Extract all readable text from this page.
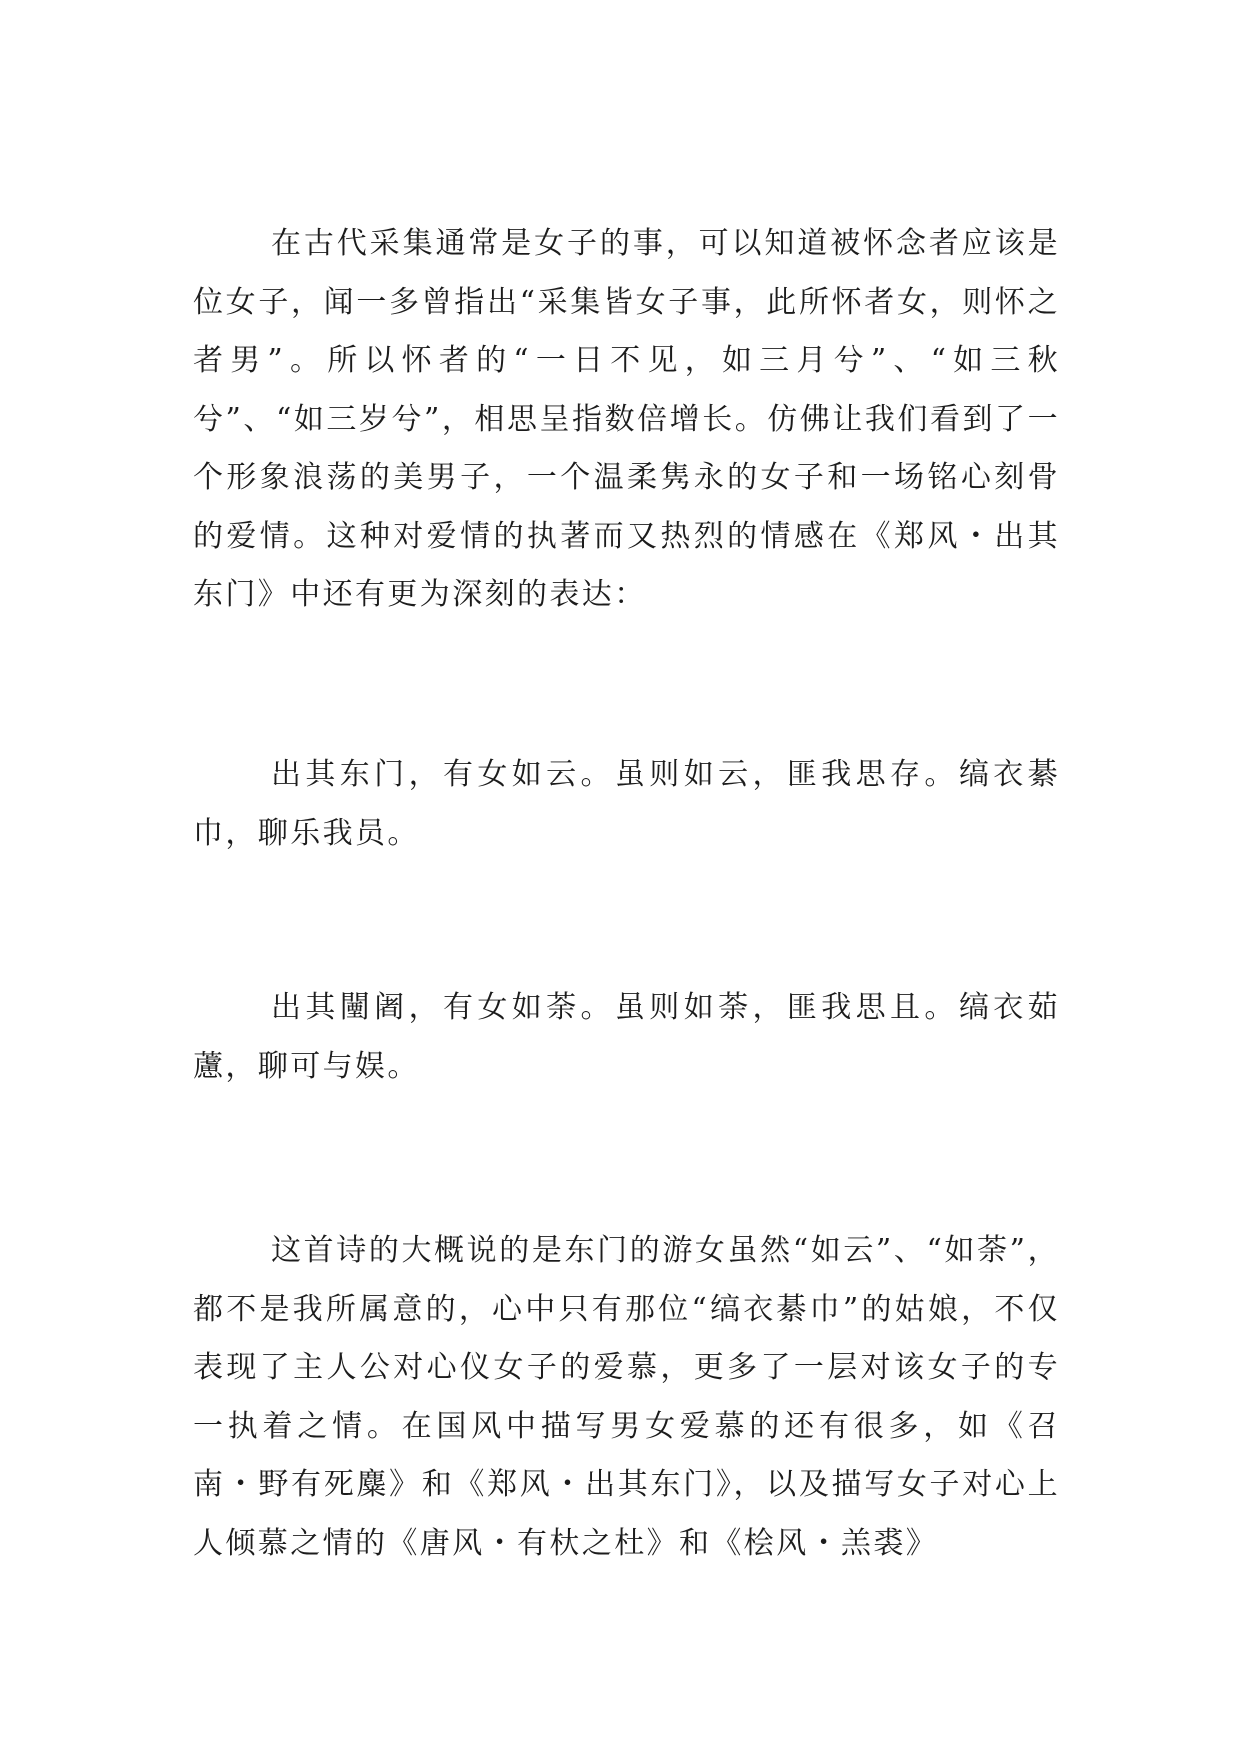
在古代采集通常是女子的事，可以知道被怀念者应该是位女子，闻一多曾指出“采集皆女子事，此所怀者女，则怀之者男”。所以怀者的“一日不见，如三月兮”、“如三秋兮”、“如三岁兮”，相思呈指数倍增长。仿佛让我们看到了一个形象浪荡的美男子，一个温柔隽永的女子和一场铭心刻骨的爱情。这种对爱情的执著而又热烈的情感在《郑风・出其东门》中还有更为深刻的表达：

出其东门，有女如云。虽则如云，匪我思存。缟衣綦巾，聊乐我员。

出其闉阇，有女如荼。虽则如荼，匪我思且。缟衣茹藘，聊可与娱。

这首诗的大概说的是东门的游女虽然“如云”、“如荼”，都不是我所属意的，心中只有那位“缟衣綦巾”的姑娘，不仅表现了主人公对心仪女子的爱慕，更多了一层对该女子的专一执着之情。在国风中描写男女爱慕的还有很多，如《召南・野有死麋》和《郑风・出其东门》，以及描写女子对心上人倾慕之情的《唐风・有杕之杜》和《桧风・羔裘》
